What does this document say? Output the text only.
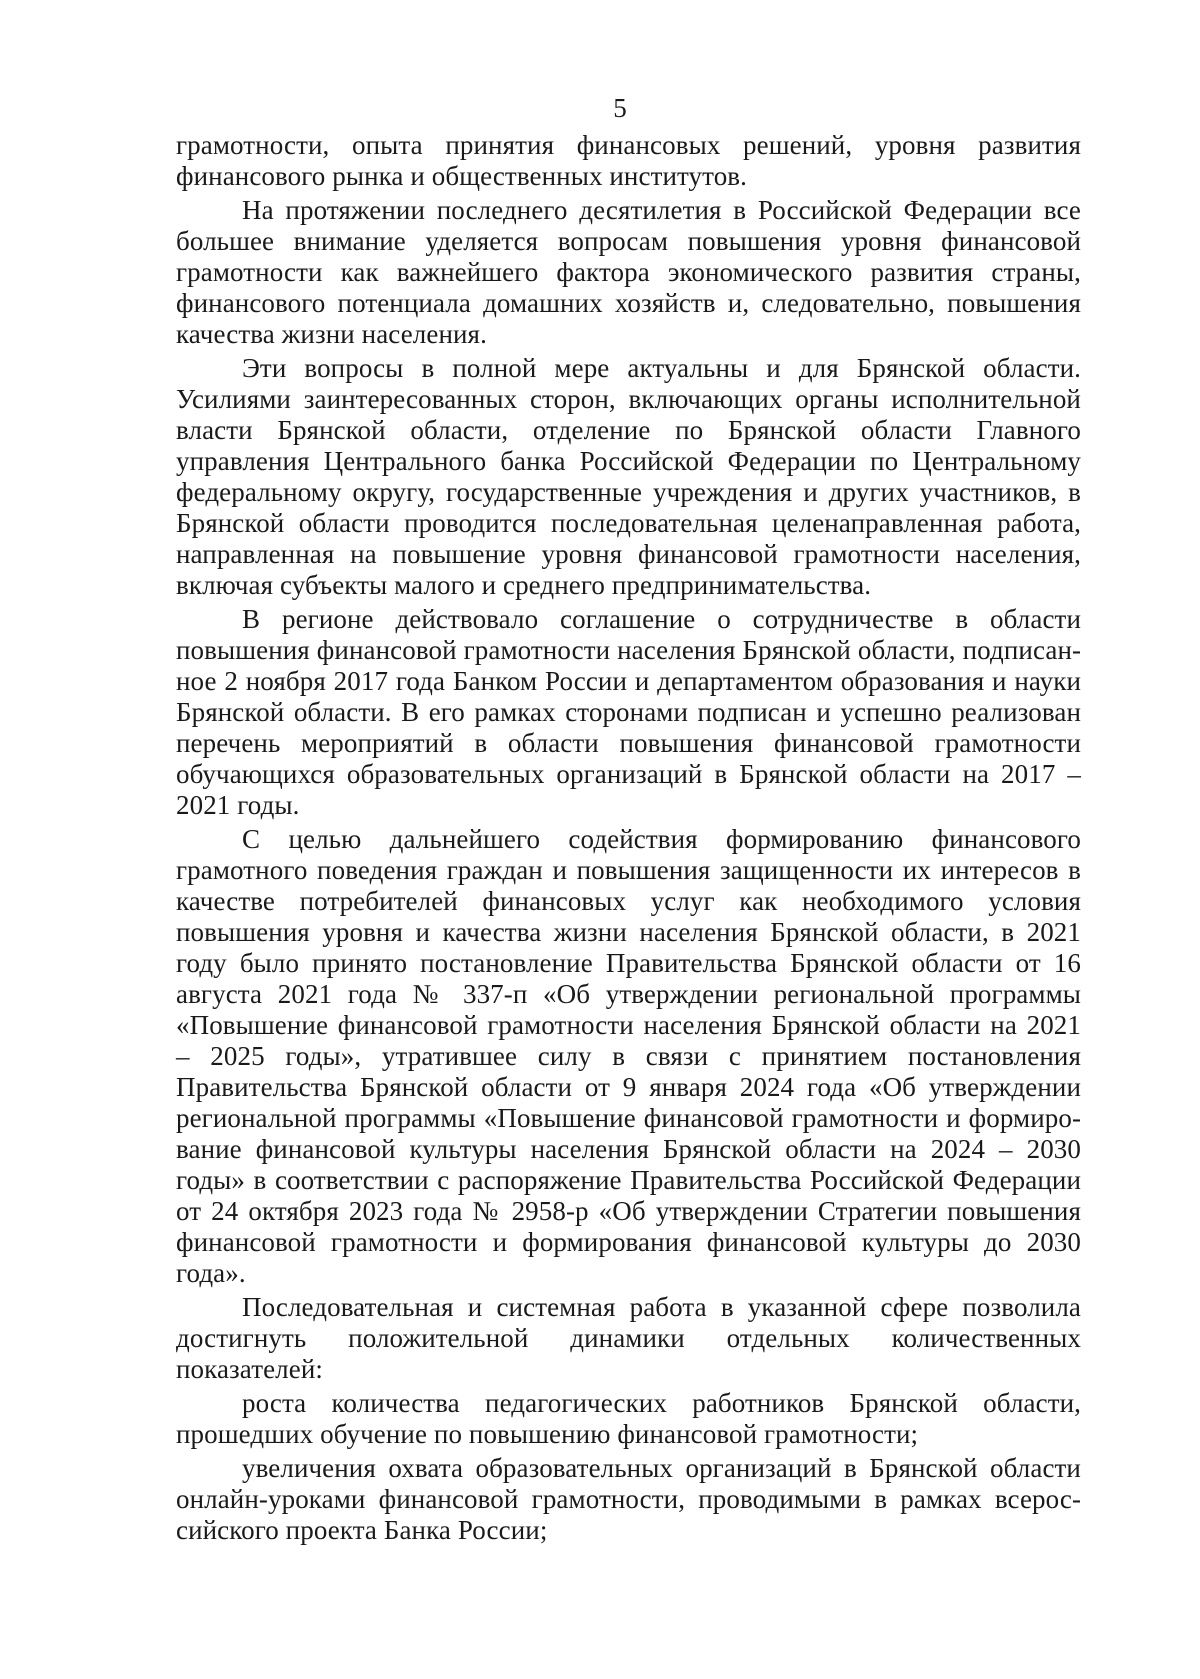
5

грамотности, опыта принятия финансовых решений, уровня развития финансового рынка и общественных институтов.

На протяжении последнего десятилетия в Российской Федерации все большее внимание уделяется вопросам повышения уровня финансовой грамотности как важнейшего фактора экономического развития страны, финансового потенциала домашних хозяйств и, следовательно, повышения качества жизни населения.

Эти вопросы в полной мере актуальны и для Брянской области. Усилиями заинтересованных сторон, включающих органы исполнительной власти Брянской области, отделение по Брянской области Главного управления Центрального банка Российской Федерации по Центральному федеральному округу, государственные учреждения и других участников, в Брянской области проводится последовательная целенаправленная работа, направленная на повышение уровня финансовой грамотности населения, включая субъекты малого и среднего предпринимательства.

В регионе действовало соглашение о сотрудничестве в области повышения финансовой грамотности населения Брянской области, подписанное 2 ноября 2017 года Банком России и департаментом образования и науки Брянской области. В его рамках сторонами подписан и успешно реализован перечень мероприятий в области повышения финансовой грамотности обучающихся образовательных организаций в Брянской области на 2017 – 2021 годы.

С целью дальнейшего содействия формированию финансового грамотного поведения граждан и повышения защищенности их интересов в качестве потребителей финансовых услуг как необходимого условия повышения уровня и качества жизни населения Брянской области, в 2021 году было принято постановление Правительства Брянской области от 16 августа 2021 года № 337-п «Об утверждении региональной программы «Повышение финансовой грамотности населения Брянской области на 2021 – 2025 годы», утратившее силу в связи с принятием постановления Правительства Брянской области от 9 января 2024 года «Об утверждении региональной программы «Повышение финансовой грамотности и формирование финансовой культуры населения Брянской области на 2024 – 2030 годы» в соответствии с распоряжение Правительства Российской Федерации от 24 октября 2023 года № 2958-р «Об утверждении Стратегии повышения финансовой грамотности и формирования финансовой культуры до 2030 года».

Последовательная и системная работа в указанной сфере позволила достигнуть положительной динамики отдельных количественных показателей:

роста количества педагогических работников Брянской области, прошедших обучение по повышению финансовой грамотности;

увеличения охвата образовательных организаций в Брянской области онлайн-уроками финансовой грамотности, проводимыми в рамках всероссийского проекта Банка России;
